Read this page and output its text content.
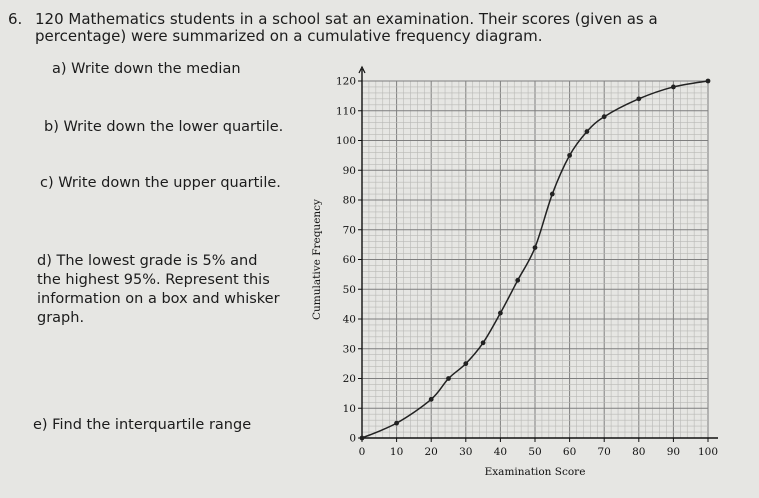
6. 120 Mathematics students in a school sat an examination. Their scores (given as a
percentage) were summarized on a cumulative frequency diagram.
a) Write down the median
b) Write down the lower quartile.
c) Write down the upper quartile.
d) The lowest grade is 5% and
the highest 95%. Represent this
information on a box and whisker
graph.
e) Find the interquartile range
0
10
20
30
40
50
60
70
80
90
100
110
120
0 10 20 30 40 50 60 70 80 90 100
Examination Score
Cumulative Frequency
